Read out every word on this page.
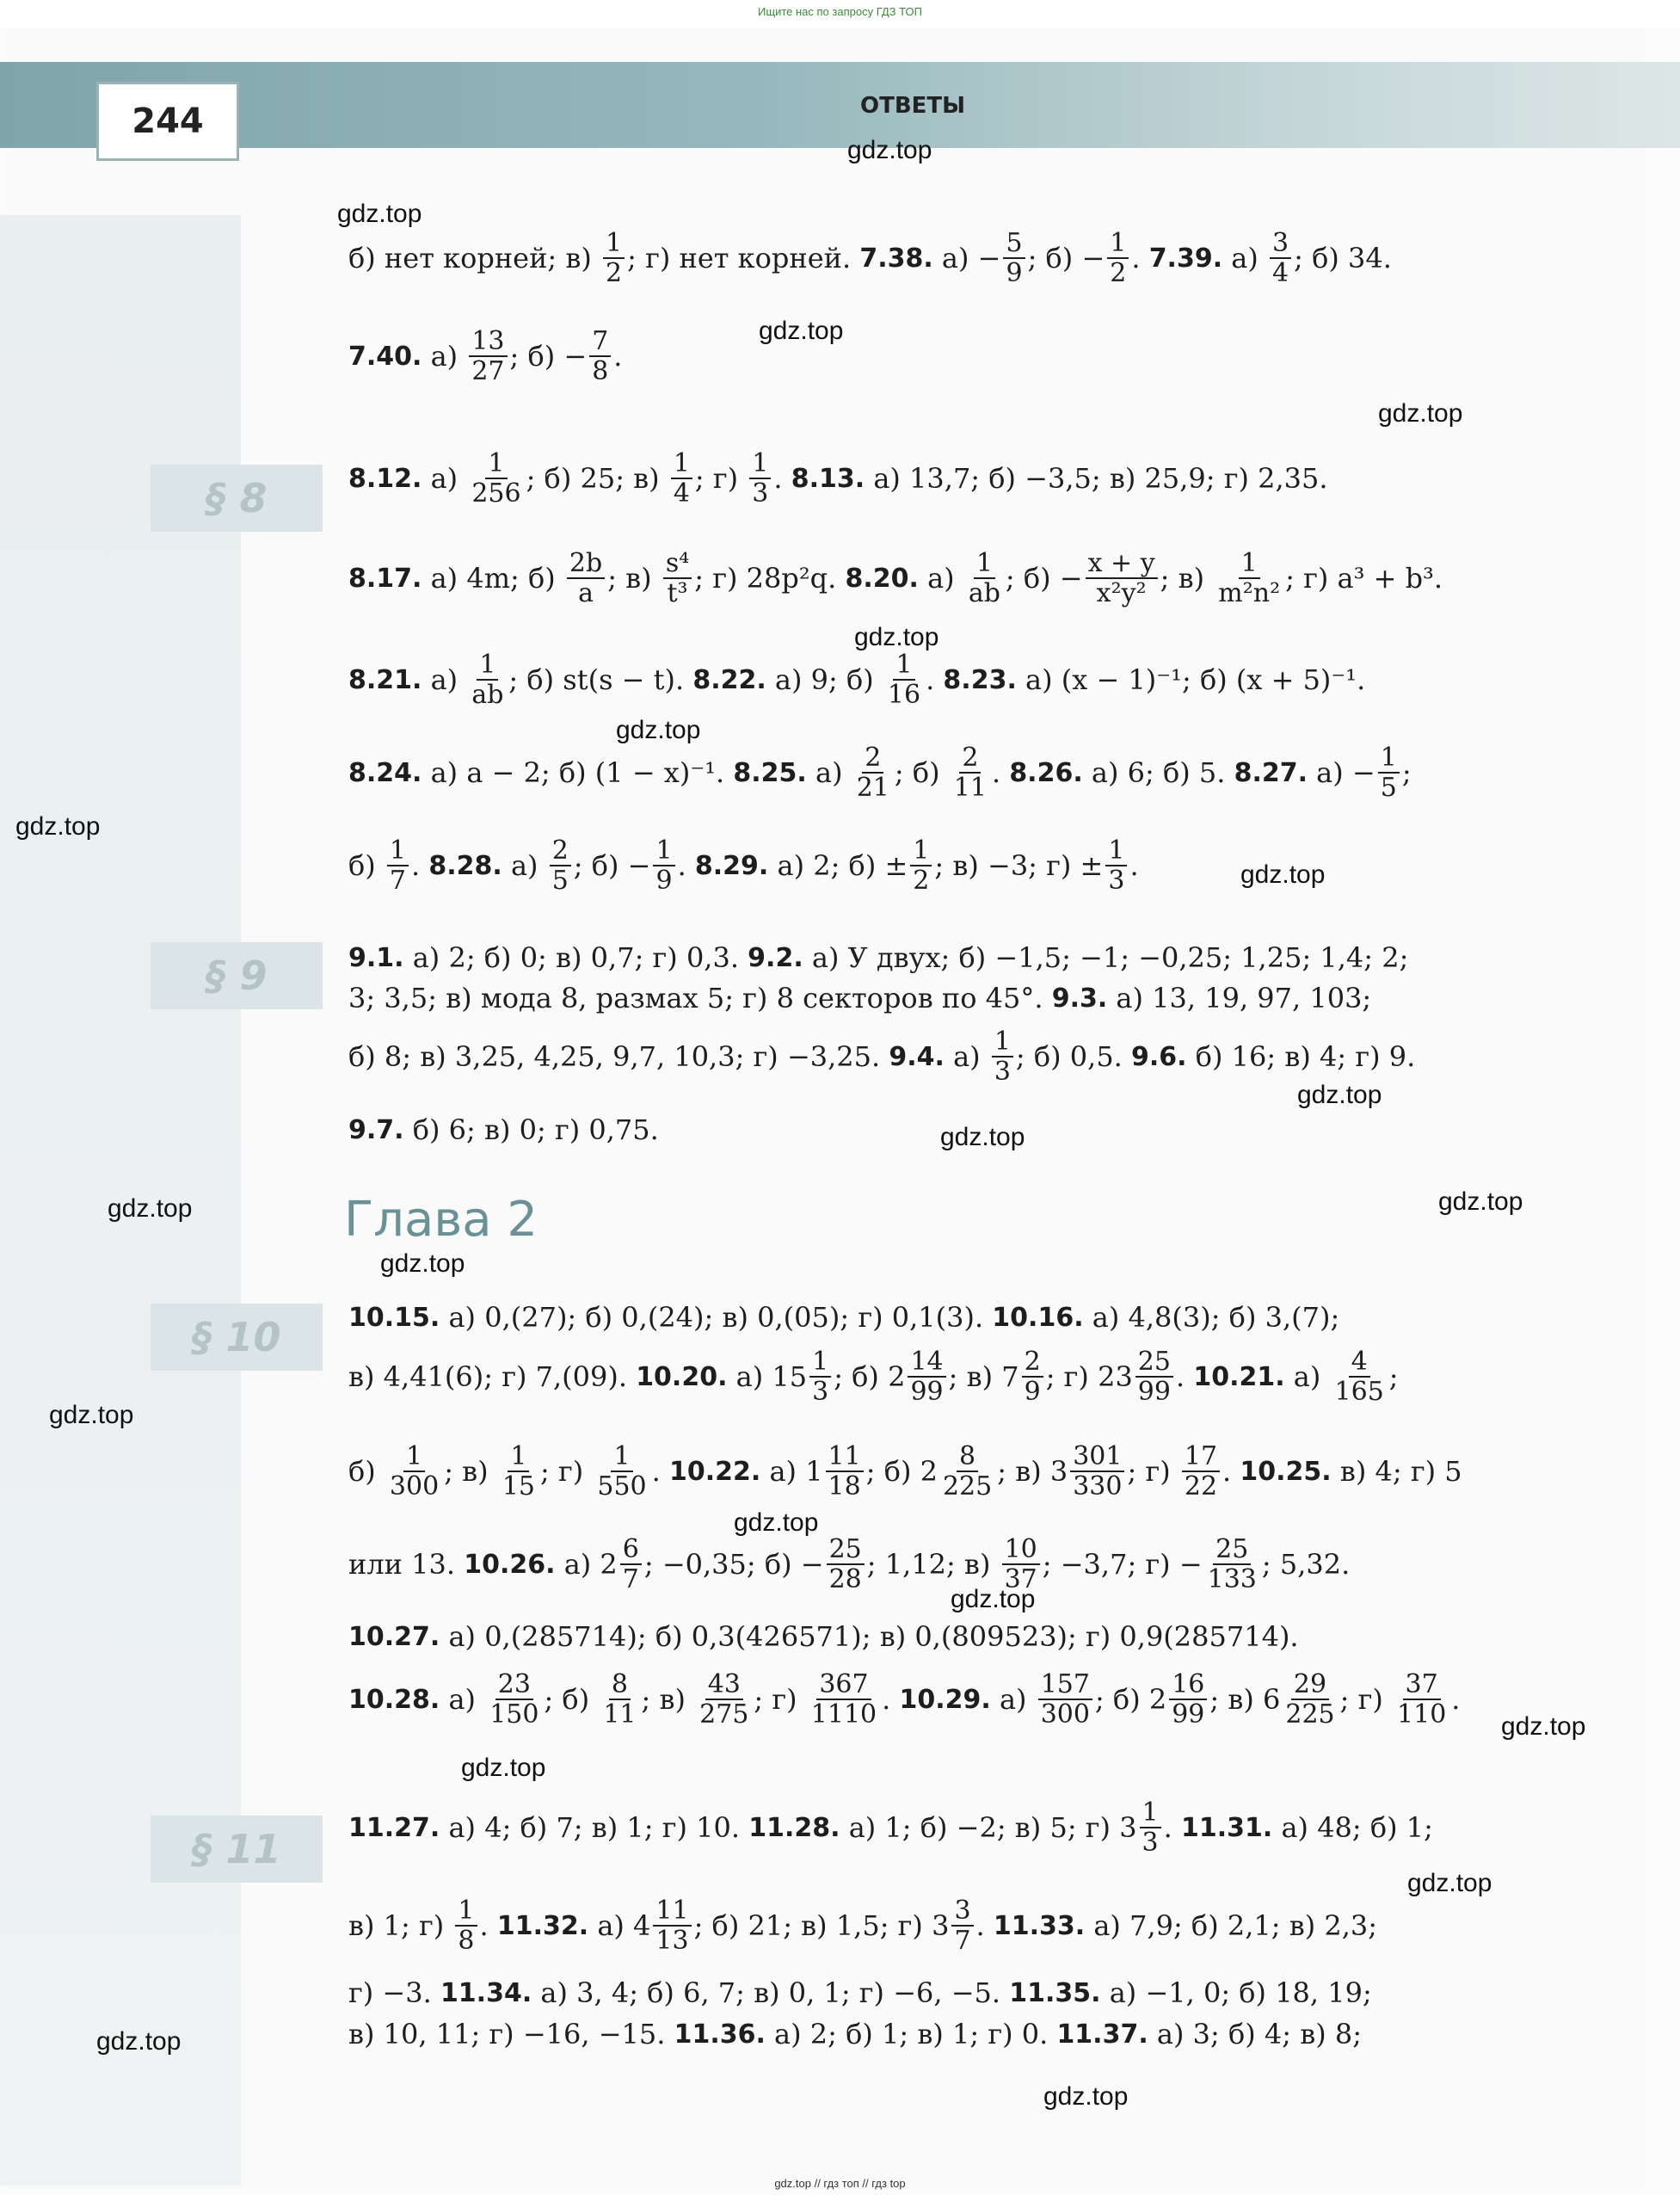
Ищите нас по запросу ГДЗ ТОП
244	ОТВЕТЫ
§ 8
§ 9
§ 10
§ 11
Глава 2
б) нет корней; $в) \frac{1}{2}$ ; г) нет корней. 7.38. $а) - \frac{5}{9}$ ; $б) - \frac{1}{2}$ . 7.39. $а) \frac{3}{4}$ ; б) 34.
7.40. $а) \frac{13}{27}$ ; $б) - \frac{7}{8}$ .
8.12. $а) \frac{1}{256}$ ; б) 25; $в) \frac{1}{4}$ ; $г) \frac{1}{3}$ . 8.13. а) 13,7; б) −3,5; в) 25,9; г) 2,35.
8.17. а) 4m; $б) \frac{2b}{a}$ ; $в) \frac{\text{s⁴}}{\text{t³}}$ ; г) 28p²q. 8.20. $а) \frac{1}{ab}$ ; $б) - \frac{x + y}{\text{x²y²}}$ ; $в) \frac{1}{\text{m²n²}}$ ; г) a³ + b³.
8.21. $а) \frac{1}{ab}$ ; б) st(s − t). 8.22. а) 9; $б) \frac{1}{16}$ . 8.23. а) (x − 1)⁻¹; б) (x + 5)⁻¹.
8.24. а) a − 2; б) (1 − x)⁻¹. 8.25. $а) \frac{2}{21}$ ; $б) \frac{2}{11}$ . 8.26. а) 6; б) 5. 8.27. $а) - \frac{1}{5}$ ;
$б) \frac{1}{7}$ . 8.28. $а) \frac{2}{5}$ ; $б) - \frac{1}{9}$ . 8.29. а) 2; $б) \pm \frac{1}{2}$ ; в) −3; $г) \pm \frac{1}{3}$ .
9.1. а) 2; б) 0; в) 0,7; г) 0,3. 9.2. а) У двух; б) −1,5; −1; −0,25; 1,25; 1,4; 2;
3; 3,5; в) мода 8, размах 5; г) 8 секторов по 45°. 9.3. а) 13, 19, 97, 103;
б) 8; в) 3,25, 4,25, 9,7, 10,3; г) −3,25. 9.4. $а) \frac{1}{3}$ ; б) 0,5. 9.6. б) 16; в) 4; г) 9.
9.7. б) 6; в) 0; г) 0,75.
10.15. а) 0,(27); б) 0,(24); в) 0,(05); г) 0,1(3). 10.16. а) 4,8(3); б) 3,(7);
в) 4,41(6); г) 7,(09). 10.20. а) $15 \frac{1}{3}$ ; б) $2 \frac{14}{99}$ ; в) $7 \frac{2}{9}$ ; г) $23 \frac{25}{99}$ . 10.21. $а) \frac{4}{165}$ ;
$б) \frac{1}{300}$ ; $в) \frac{1}{15}$ ; $г) \frac{1}{550}$ . 10.22. а) $1 \frac{11}{18}$ ; б) $2 \frac{8}{225}$ ; в) $3 \frac{301}{330}$ ; $г) \frac{17}{22}$ . 10.25. в) 4; г) 5
или 13. 10.26. а) $2 \frac{6}{7}$ ; −0,35; $б) - \frac{25}{28}$ ; 1,12; $в) \frac{10}{37}$ ; −3,7; $г) - \frac{25}{133}$ ; 5,32.
10.27. а) 0,(285714); б) 0,3(426571); в) 0,(809523); г) 0,9(285714).
10.28. $а) \frac{23}{150}$ ; $б) \frac{8}{11}$ ; $в) \frac{43}{275}$ ; $г) \frac{367}{1110}$ . 10.29. $а) \frac{157}{300}$ ; б) $2 \frac{16}{99}$ ; в) $6 \frac{29}{225}$ ; $г) \frac{37}{110}$ .
11.27. а) 4; б) 7; в) 1; г) 10. 11.28. а) 1; б) −2; в) 5; г) $3 \frac{1}{3}$ . 11.31. а) 48; б) 1;
в) 1; $г) \frac{1}{8}$ . 11.32. а) $4 \frac{11}{13}$ ; б) 21; в) 1,5; г) $3 \frac{3}{7}$ . 11.33. а) 7,9; б) 2,1; в) 2,3;
г) −3. 11.34. а) 3, 4; б) 6, 7; в) 0, 1; г) −6, −5. 11.35. а) −1, 0; б) 18, 19;
в) 10, 11; г) −16, −15. 11.36. а) 2; б) 1; в) 1; г) 0. 11.37. а) 3; б) 4; в) 8;
gdz.top
gdz.top
gdz.top
gdz.top
gdz.top
gdz.top
gdz.top
gdz.top
gdz.top
gdz.top
gdz.top
gdz.top
gdz.top
gdz.top
gdz.top
gdz.top
gdz.top
gdz.top
gdz.top
gdz.top
gdz.top
gdz.top // гдз топ // гдз top
